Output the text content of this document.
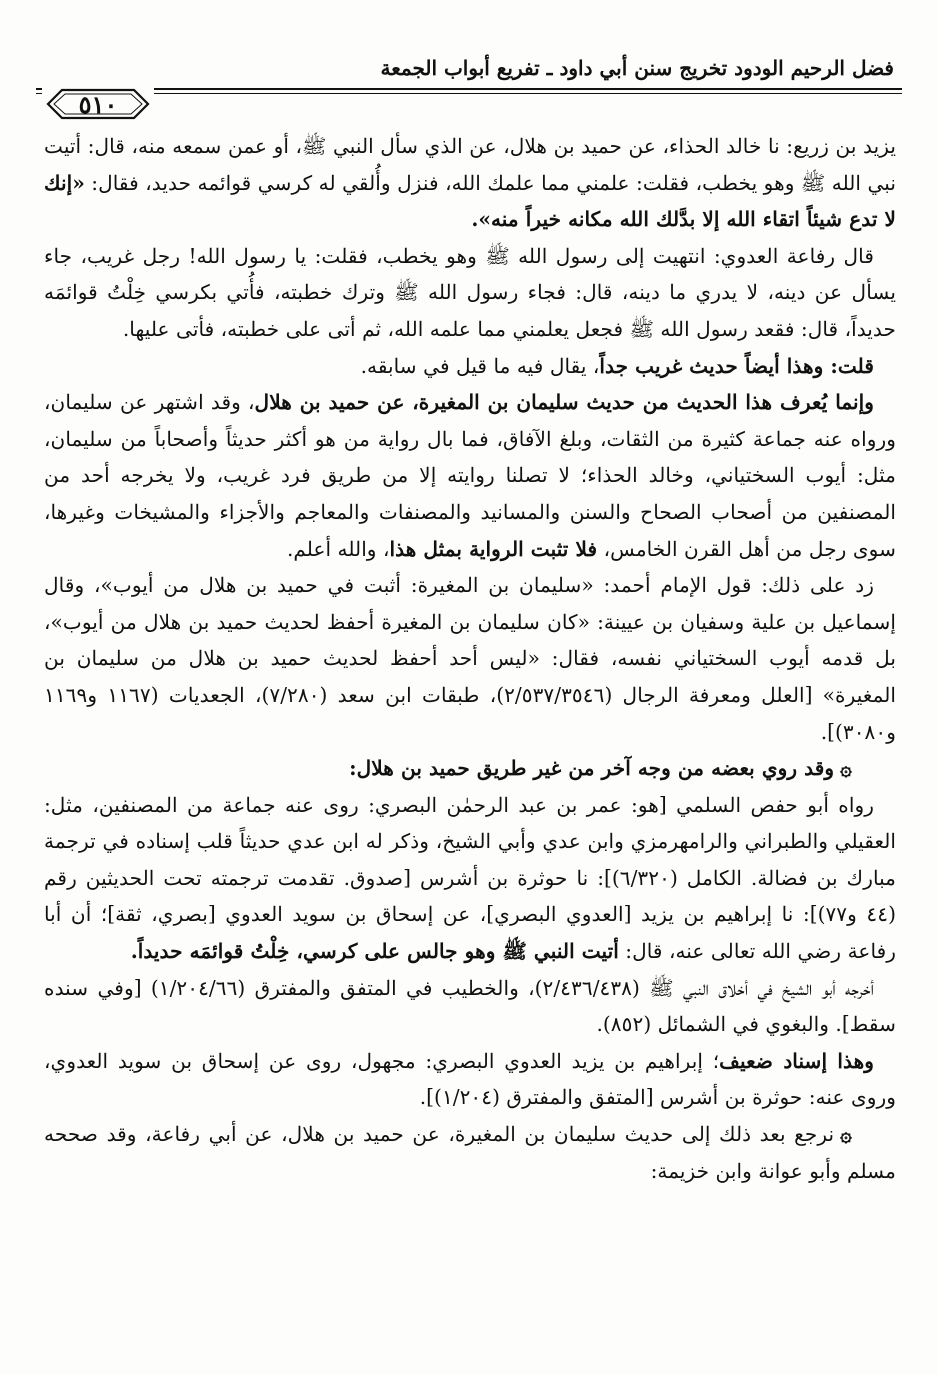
فضل الرحيم الودود تخريج سنن أبي داود ـ تفريع أبواب الجمعة
٥١٠

يزيد بن زريع: نا خالد الحذاء، عن حميد بن هلال، عن الذي سأل النبي ﷺ، أو عمن سمعه منه، قال: أتيت نبي الله ﷺ وهو يخطب، فقلت: علمني مما علمك الله، فنزل وأُلقي له كرسي قوائمه حديد، فقال: «إنك لا تدع شيئاً اتقاء الله إلا بدَّلك الله مكانه خيراً منه».

قال رفاعة العدوي: انتهيت إلى رسول الله ﷺ وهو يخطب، فقلت: يا رسول الله! رجل غريب، جاء يسأل عن دينه، لا يدري ما دينه، قال: فجاء رسول الله ﷺ وترك خطبته، فأُتي بكرسي خِلْتُ قوائمَه حديداً، قال: فقعد رسول الله ﷺ فجعل يعلمني مما علمه الله، ثم أتى على خطبته، فأتى عليها.

قلت: وهذا أيضاً حديث غريب جداً، يقال فيه ما قيل في سابقه.

وإنما يُعرف هذا الحديث من حديث سليمان بن المغيرة، عن حميد بن هلال، وقد اشتهر عن سليمان، ورواه عنه جماعة كثيرة من الثقات، وبلغ الآفاق، فما بال رواية من هو أكثر حديثاً وأصحاباً من سليمان، مثل: أيوب السختياني، وخالد الحذاء؛ لا تصلنا روايته إلا من طريق فرد غريب، ولا يخرجه أحد من المصنفين من أصحاب الصحاح والسنن والمسانيد والمصنفات والمعاجم والأجزاء والمشيخات وغيرها، سوى رجل من أهل القرن الخامس، فلا تثبت الرواية بمثل هذا، والله أعلم.

زد على ذلك: قول الإمام أحمد: «سليمان بن المغيرة: أثبت في حميد بن هلال من أيوب»، وقال إسماعيل بن علية وسفيان بن عيينة: «كان سليمان بن المغيرة أحفظ لحديث حميد بن هلال من أيوب»، بل قدمه أيوب السختياني نفسه، فقال: «ليس أحد أحفظ لحديث حميد بن هلال من سليمان بن المغيرة» [العلل ومعرفة الرجال (٢/٥٣٧/٣٥٤٦)، طبقات ابن سعد (٧/٢٨٠)، الجعديات (١١٦٧ و١١٦٩ و٣٠٨٠)].

۞وقد روي بعضه من وجه آخر من غير طريق حميد بن هلال:

رواه أبو حفص السلمي [هو: عمر بن عبد الرحمٰن البصري: روى عنه جماعة من المصنفين، مثل: العقيلي والطبراني والرامهرمزي وابن عدي وأبي الشيخ، وذكر له ابن عدي حديثاً قلب إسناده في ترجمة مبارك بن فضالة. الكامل (٦/٣٢٠)]: نا حوثرة بن أشرس [صدوق. تقدمت ترجمته تحت الحديثين رقم (٤٤ و٧٧)]: نا إبراهيم بن يزيد [العدوي البصري]، عن إسحاق بن سويد العدوي [بصري، ثقة]؛ أن أبا رفاعة رضي الله تعالى عنه، قال: أتيت النبي ﷺ وهو جالس على كرسي، خِلْتُ قوائمَه حديداً.

أخرجه أبو الشيخ في أخلاق النبي ﷺ (٢/٤٣٦/٤٣٨)، والخطيب في المتفق والمفترق (١/٢٠٤/٦٦) [وفي سنده سقط]. والبغوي في الشمائل (٨٥٢).

وهذا إسناد ضعيف؛ إبراهيم بن يزيد العدوي البصري: مجهول، روى عن إسحاق بن سويد العدوي، وروى عنه: حوثرة بن أشرس [المتفق والمفترق (١/٢٠٤)].

۞نرجع بعد ذلك إلى حديث سليمان بن المغيرة، عن حميد بن هلال، عن أبي رفاعة، وقد صححه مسلم وأبو عوانة وابن خزيمة:
